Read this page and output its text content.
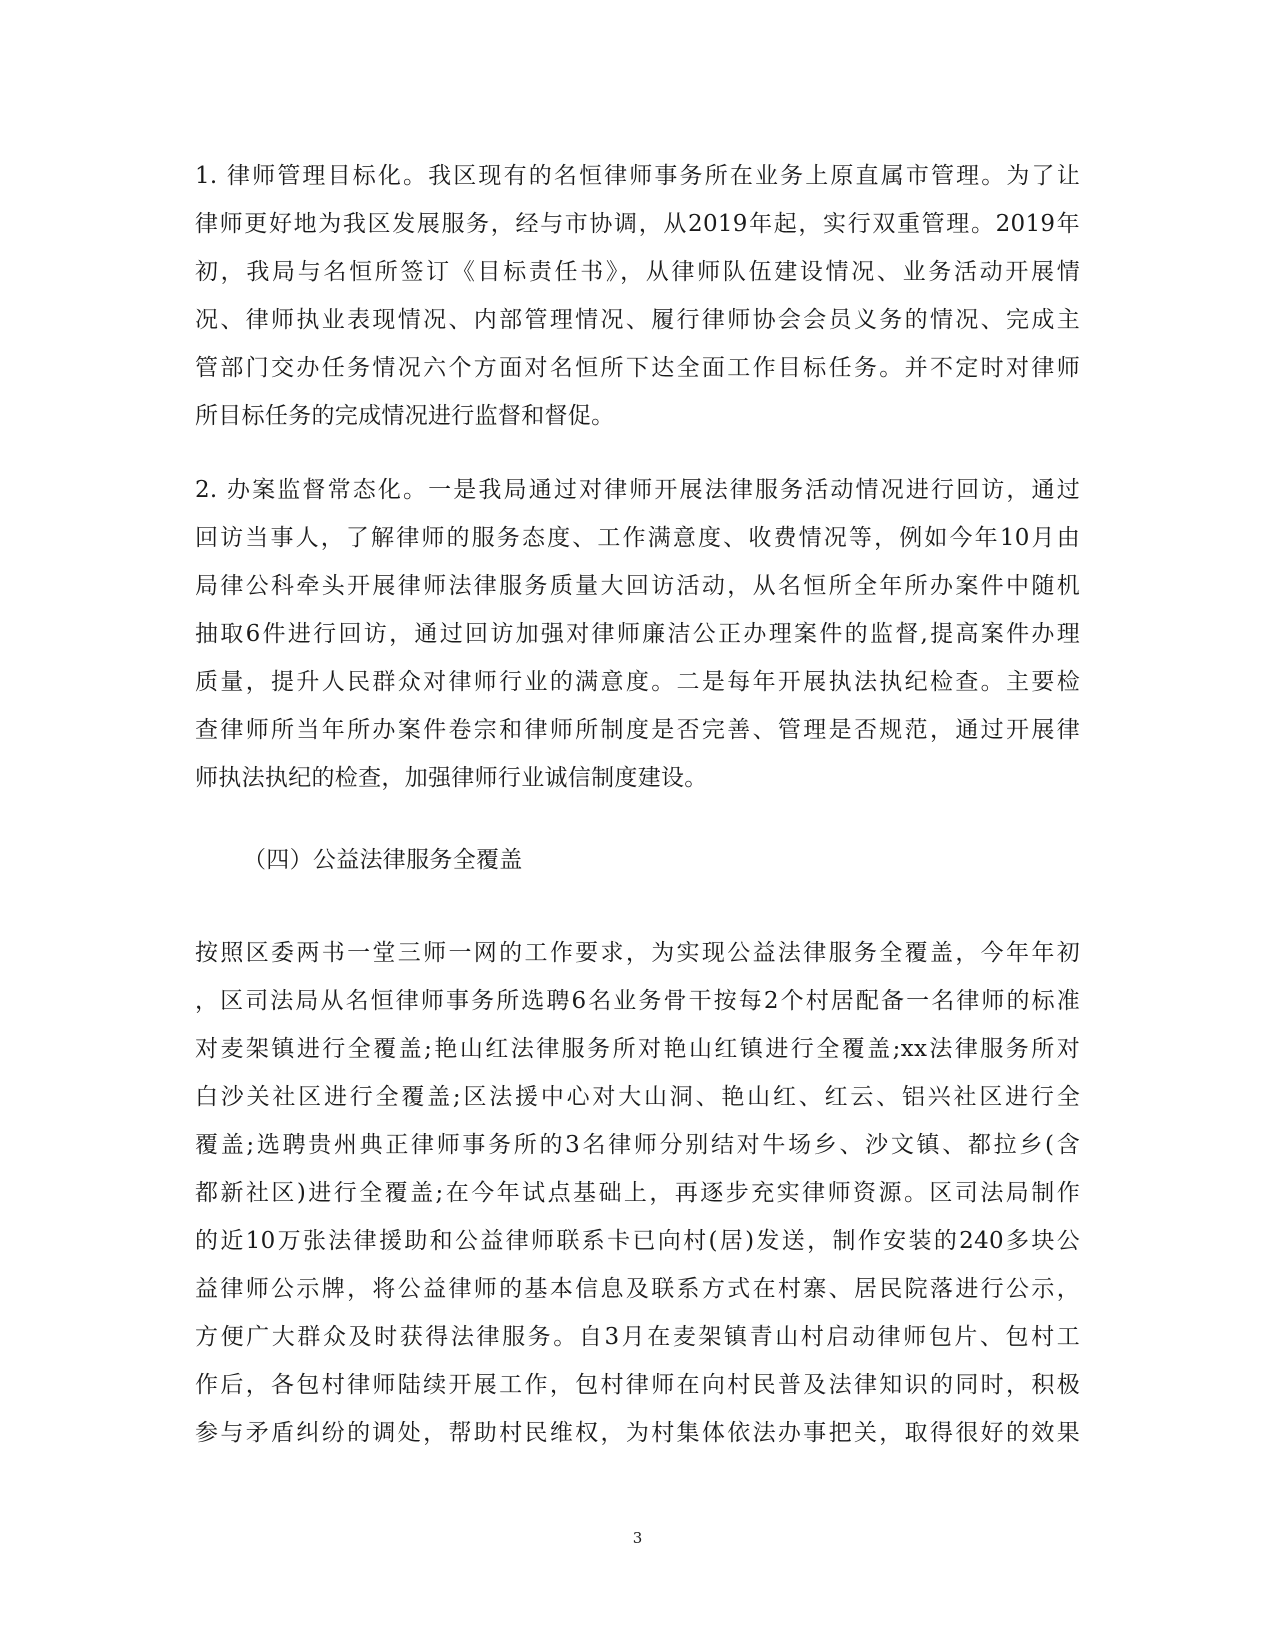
1. 律师管理目标化。我区现有的名恒律师事务所在业务上原直属市管理。为了让
律师更好地为我区发展服务，经与市协调，从2019年起，实行双重管理。2019年
初，我局与名恒所签订《目标责任书》，从律师队伍建设情况、业务活动开展情
况、律师执业表现情况、内部管理情况、履行律师协会会员义务的情况、完成主
管部门交办任务情况六个方面对名恒所下达全面工作目标任务。并不定时对律师
所目标任务的完成情况进行监督和督促。
2. 办案监督常态化。一是我局通过对律师开展法律服务活动情况进行回访，通过
回访当事人，了解律师的服务态度、工作满意度、收费情况等，例如今年10月由
局律公科牵头开展律师法律服务质量大回访活动，从名恒所全年所办案件中随机
抽取6件进行回访，通过回访加强对律师廉洁公正办理案件的监督,提高案件办理
质量，提升人民群众对律师行业的满意度。二是每年开展执法执纪检查。主要检
查律师所当年所办案件卷宗和律师所制度是否完善、管理是否规范，通过开展律
师执法执纪的检查，加强律师行业诚信制度建设。
（四）公益法律服务全覆盖
按照区委两书一堂三师一网的工作要求，为实现公益法律服务全覆盖，今年年初
，区司法局从名恒律师事务所选聘6名业务骨干按每2个村居配备一名律师的标准
对麦架镇进行全覆盖;艳山红法律服务所对艳山红镇进行全覆盖;xx法律服务所对
白沙关社区进行全覆盖;区法援中心对大山洞、艳山红、红云、铝兴社区进行全
覆盖;选聘贵州典正律师事务所的3名律师分别结对牛场乡、沙文镇、都拉乡(含
都新社区)进行全覆盖;在今年试点基础上，再逐步充实律师资源。区司法局制作
的近10万张法律援助和公益律师联系卡已向村(居)发送，制作安装的240多块公
益律师公示牌，将公益律师的基本信息及联系方式在村寨、居民院落进行公示，
方便广大群众及时获得法律服务。自3月在麦架镇青山村启动律师包片、包村工
作后，各包村律师陆续开展工作，包村律师在向村民普及法律知识的同时，积极
参与矛盾纠纷的调处，帮助村民维权，为村集体依法办事把关，取得很好的效果
3
